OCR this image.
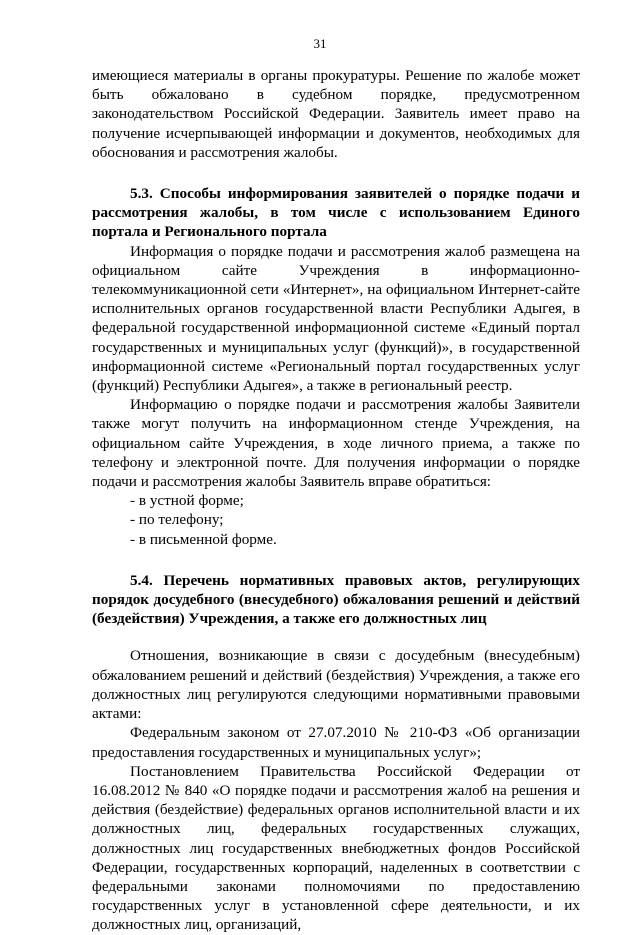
31

имеющиеся материалы в органы прокуратуры. Решение по жалобе может быть обжаловано в судебном порядке, предусмотренном законодательством Российской Федерации. Заявитель имеет право на получение исчерпывающей информации и документов, необходимых для обоснования и рассмотрения жалобы.

5.3. Способы информирования заявителей о порядке подачи и рассмотрения жалобы, в том числе с использованием Единого портала и Регионального портала

Информация о порядке подачи и рассмотрения жалоб размещена на официальном сайте Учреждения в информационно-телекоммуникационной сети «Интернет», на официальном Интернет-сайте исполнительных органов государственной власти Республики Адыгея, в федеральной государственной информационной системе «Единый портал государственных и муниципальных услуг (функций)», в государственной информационной системе «Региональный портал государственных услуг (функций) Республики Адыгея», а также в региональный реестр.

Информацию о порядке подачи и рассмотрения жалобы Заявители также могут получить на информационном стенде Учреждения, на официальном сайте Учреждения, в ходе личного приема, а также по телефону и электронной почте. Для получения информации о порядке подачи и рассмотрения жалобы Заявитель вправе обратиться:

- в устной форме;

- по телефону;

- в письменной форме.

5.4. Перечень нормативных правовых актов, регулирующих порядок досудебного (внесудебного) обжалования решений и действий (бездействия) Учреждения, а также его должностных лиц

Отношения, возникающие в связи с досудебным (внесудебным) обжалованием решений и действий (бездействия) Учреждения, а также его должностных лиц регулируются следующими нормативными правовыми актами:

Федеральным законом от 27.07.2010 № 210-ФЗ «Об организации предоставления государственных и муниципальных услуг»;

Постановлением Правительства Российской Федерации от 16.08.2012 № 840 «О порядке подачи и рассмотрения жалоб на решения и действия (бездействие) федеральных органов исполнительной власти и их должностных лиц, федеральных государственных служащих, должностных лиц государственных внебюджетных фондов Российской Федерации, государственных корпораций, наделенных в соответствии с федеральными законами полномочиями по предоставлению государственных услуг в установленной сфере деятельности, и их должностных лиц, организаций,
